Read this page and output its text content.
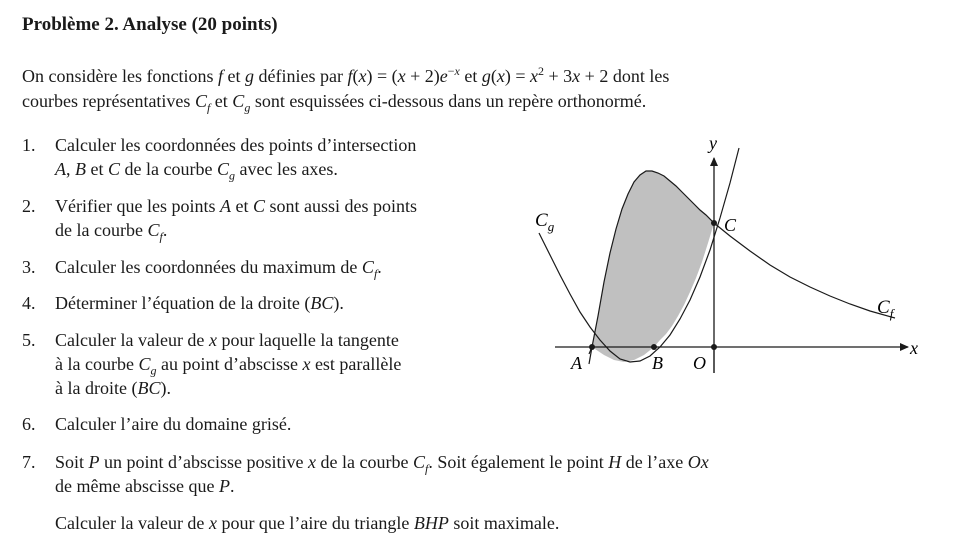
Problème 2. Analyse (20 points)
On considère les fonctions f et g définies par $f(x) = (x + 2)e^{-x}$ et $g(x) = x^2 + 3x + 2$ dont les
courbes représentatives $C_f$ et $C_g$ sont esquissées ci-dessous dans un repère orthonormé.
1.	Calculer les coordonnées des points d’intersection
A, B et C de la courbe $C_g$ avec les axes.
2.	Vérifier que les points A et C sont aussi des points
de la courbe $C_f$.
3.	Calculer les coordonnées du maximum de $C_f$.
4.	Déterminer l’équation de la droite (BC).
5.	Calculer la valeur de x pour laquelle la tangente
à la courbe $C_g$ au point d’abscisse x est parallèle
à la droite (BC).
6.	Calculer l’aire du domaine grisé.
7.	Soit P un point d’abscisse positive x de la courbe $C_f$. Soit également le point H de l’axe Ox
de même abscisse que P.
Calculer la valeur de x pour que l’aire du triangle BHP soit maximale.
y
x
$C_g$
$C_f$
A	B O
C
